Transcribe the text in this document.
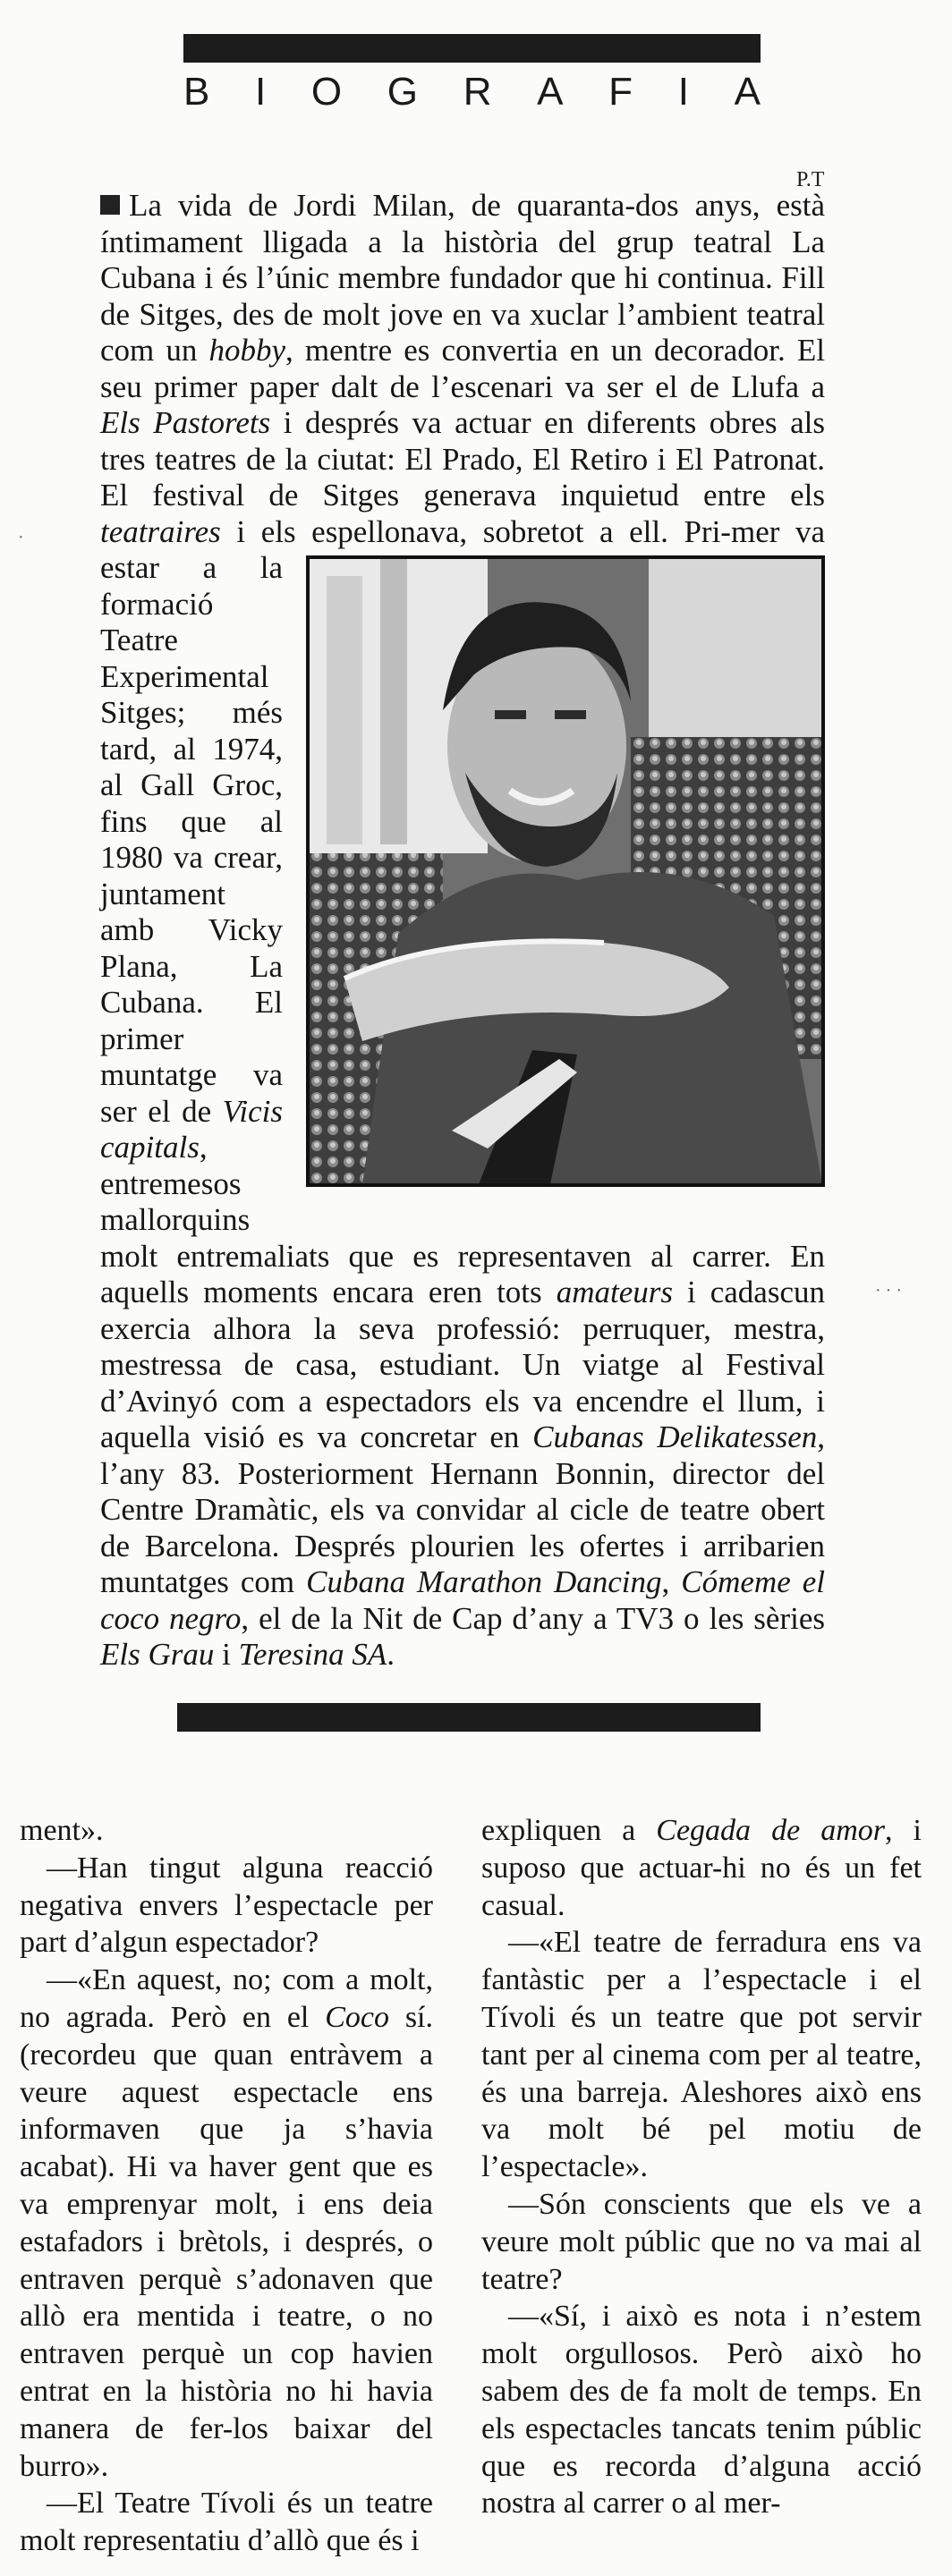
B I O G R A F I A
P.T

La vida de Jordi Milan, de quaranta-dos anys, està íntimament lligada a la història del grup teatral La Cubana i és l’únic membre fundador que hi continua. Fill de Sitges, des de molt jove en va xuclar l’ambient teatral com un hobby, mentre es convertia en un decorador. El seu primer paper dalt de l’escenari va ser el de Llufa a Els Pastorets i després va actuar en diferents obres als tres teatres de la ciutat: El Prado, El Retiro i El Patronat. El festival de Sitges generava inquietud entre els teatraires i els espellonava, sobretot a ell. Pri-
mer va estar a la formació Teatre Experimental Sitges; més tard, al 1974, al Gall Groc, fins que al 1980 va crear, juntament amb Vicky Plana, La Cubana. El primer muntatge va ser el de Vicis capitals, entremesos mallorquins molt entremaliats que es representaven al carrer. En aquells moments encara eren tots amateurs i cadascun exercia alhora la seva professió: perruquer, mestra, mestressa de casa, estudiant. Un viatge al Festival d’Avinyó com a espectadors els va encendre el llum, i aquella visió es va concretar en Cubanas Delikatessen, l’any 83. Posteriorment Hernann Bonnin, director del Centre Dramàtic, els va convidar al cicle de teatre obert de Barcelona. Després plourien les ofertes i arribarien muntatges com Cubana Marathon Dancing, Cómeme el coco negro, el de la Nit de Cap d’any a TV3 o les sèries Els Grau i Teresina SA.

·
· · ·

ment».

—Han tingut alguna reacció negativa envers l’espectacle per part d’algun espectador?

—«En aquest, no; com a molt, no agrada. Però en el Coco sí. (recordeu que quan entràvem a veure aquest espectacle ens informaven que ja s’havia acabat). Hi va haver gent que es va emprenyar molt, i ens deia estafadors i brètols, i després, o entraven perquè s’adonaven que allò era mentida i teatre, o no entraven perquè un cop havien entrat en la història no hi havia manera de fer-los baixar del burro».

—El Teatre Tívoli és un teatre molt representatiu d’allò que és i

expliquen a Cegada de amor, i suposo que actuar-hi no és un fet casual.

—«El teatre de ferradura ens va fantàstic per a l’espectacle i el Tívoli és un teatre que pot servir tant per al cinema com per al teatre, és una barreja. Aleshores això ens va molt bé pel motiu de l’espectacle».

—Són conscients que els ve a veure molt públic que no va mai al teatre?

—«Sí, i això es nota i n’estem molt orgullosos. Però això ho sabem des de fa molt de temps. En els espectacles tancats tenim públic que es recorda d’alguna acció nostra al carrer o al mer-
